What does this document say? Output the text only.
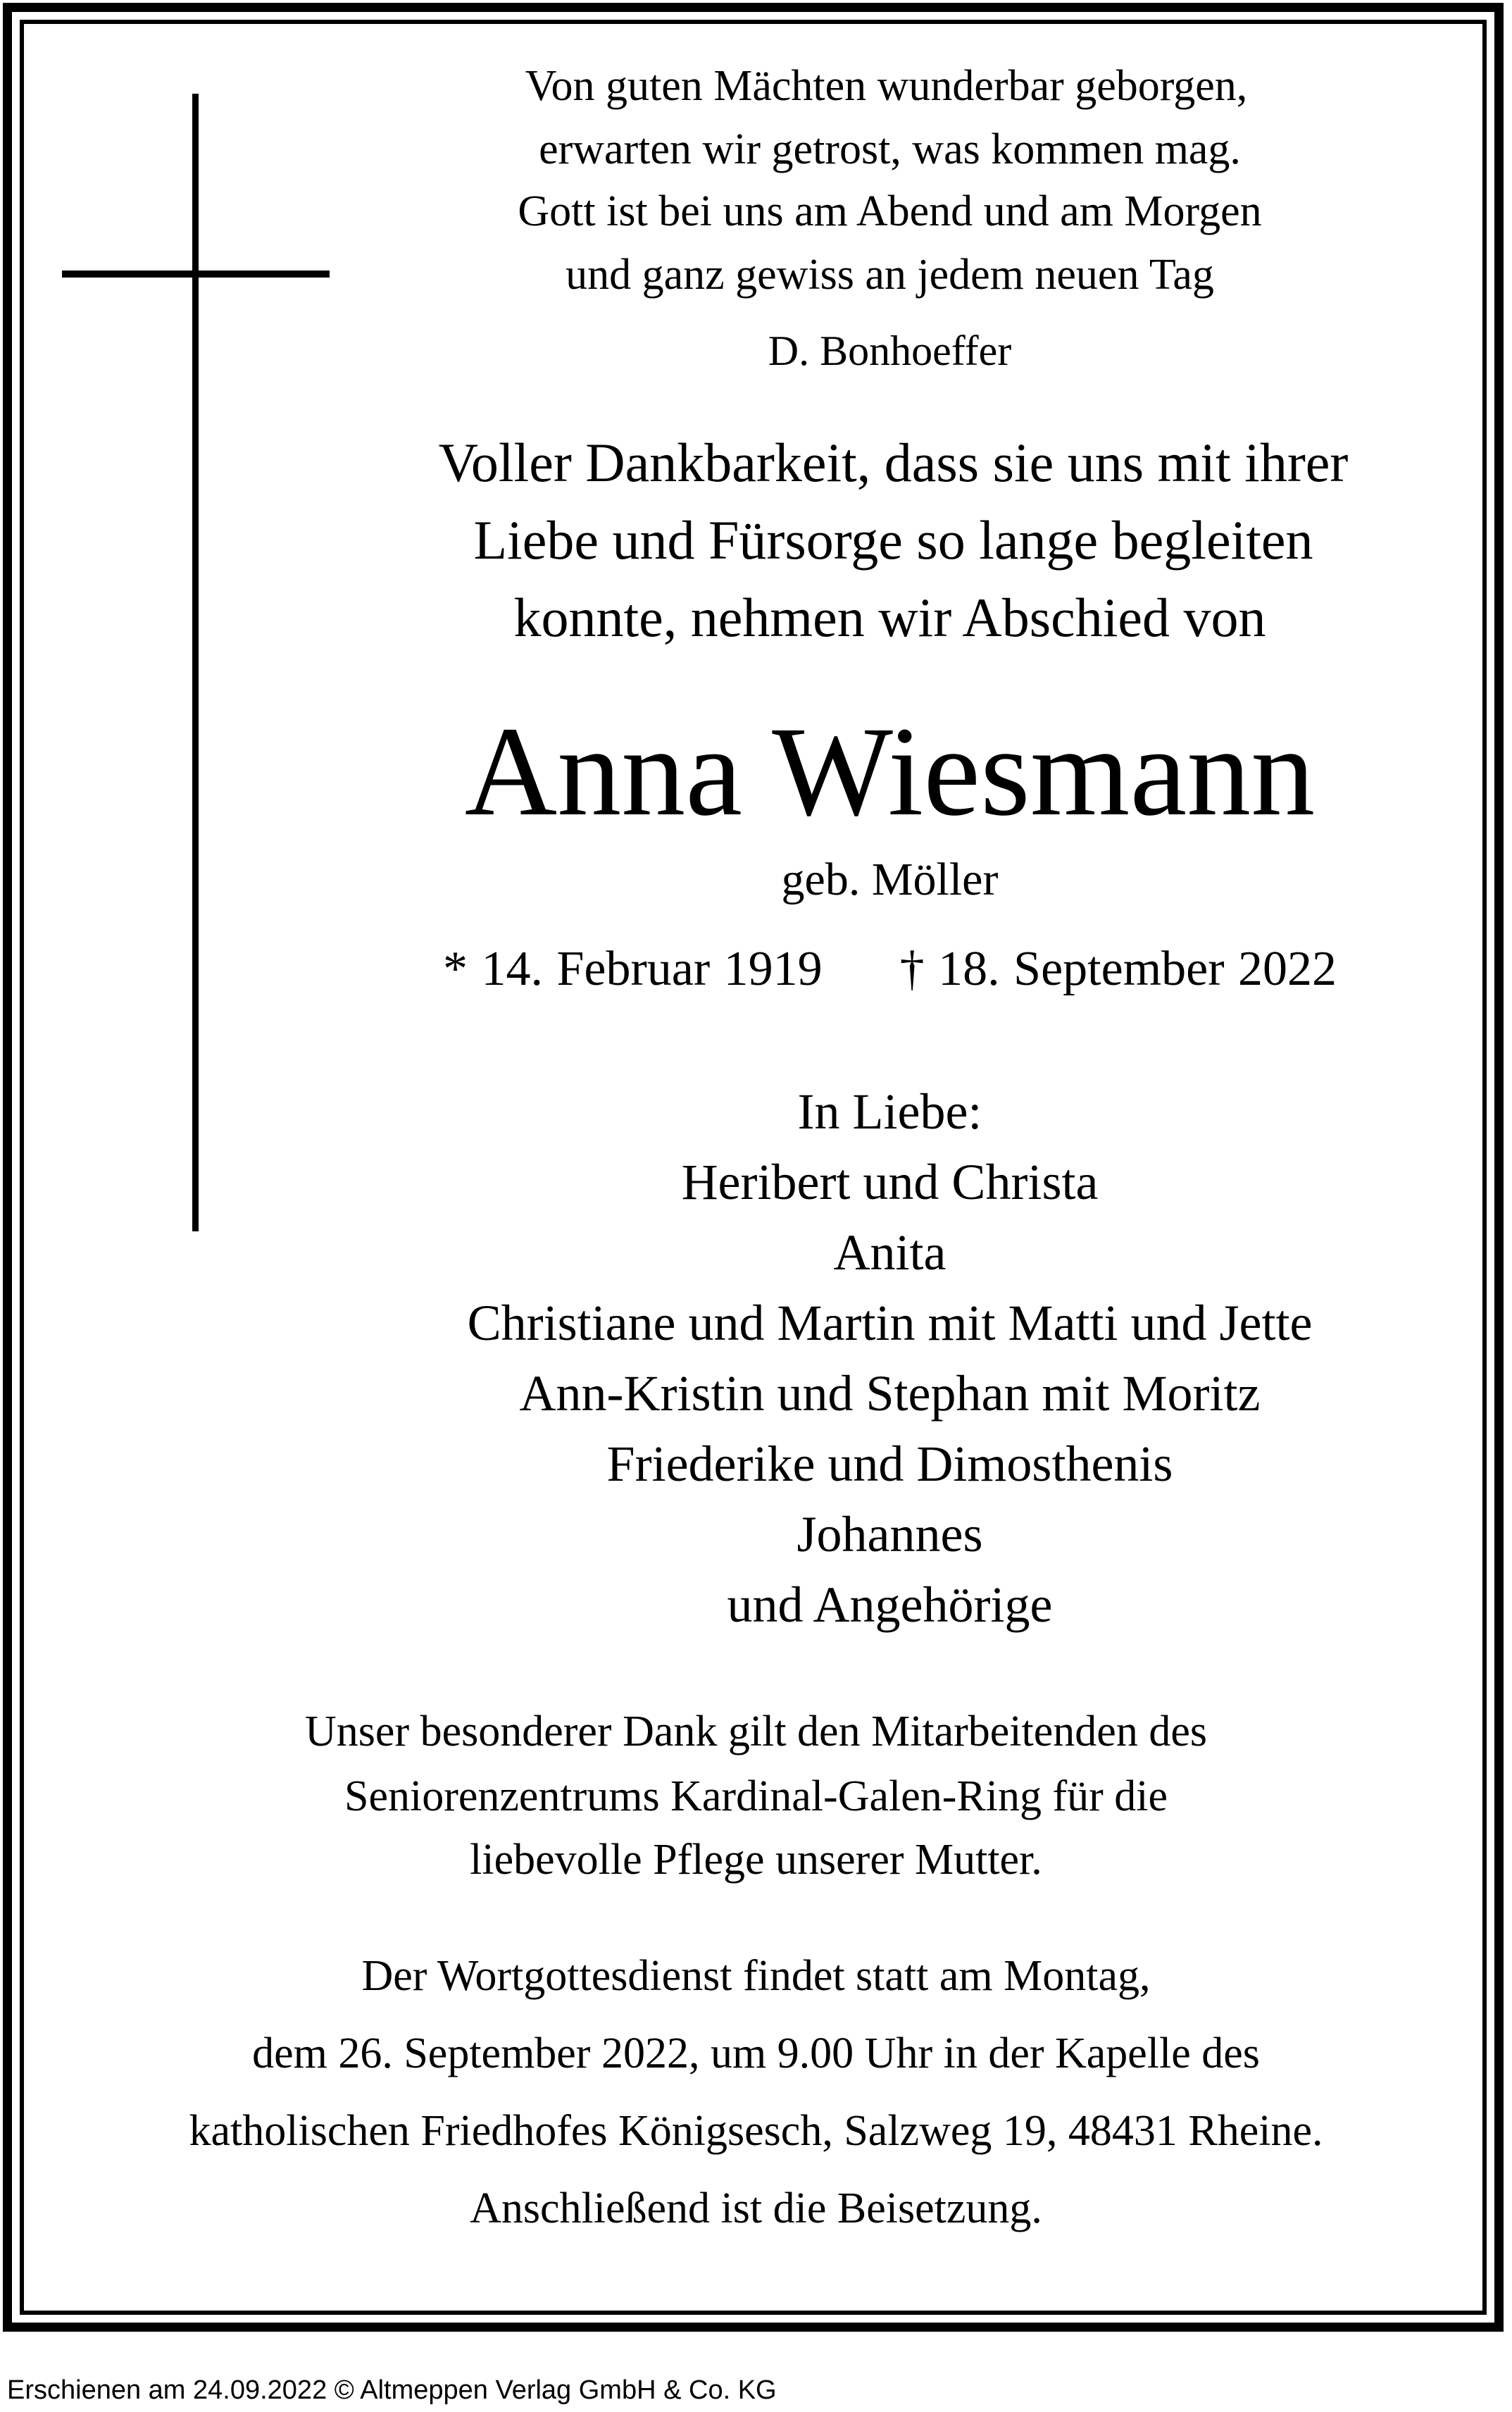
Von guten Mächten wunderbar geborgen,
erwarten wir getrost, was kommen mag.
Gott ist bei uns am Abend und am Morgen
und ganz gewiss an jedem neuen Tag
D. Bonhoeffer
Voller Dankbarkeit, dass sie uns mit ihrer
Liebe und Fürsorge so lange begleiten
konnte, nehmen wir Abschied von
Anna Wiesmann
geb. Möller
* 14. Februar 1919 † 18. September 2022
In Liebe:
Heribert und Christa
Anita
Christiane und Martin mit Matti und Jette
Ann-Kristin und Stephan mit Moritz
Friederike und Dimosthenis
Johannes
und Angehörige
Unser besonderer Dank gilt den Mitarbeitenden des
Seniorenzentrums Kardinal-Galen-Ring für die
liebevolle Pflege unserer Mutter.
Der Wortgottesdienst findet statt am Montag,
dem 26. September 2022, um 9.00 Uhr in der Kapelle des
katholischen Friedhofes Königsesch, Salzweg 19, 48431 Rheine.
Anschließend ist die Beisetzung.
Erschienen am 24.09.2022 © Altmeppen Verlag GmbH & Co. KG
